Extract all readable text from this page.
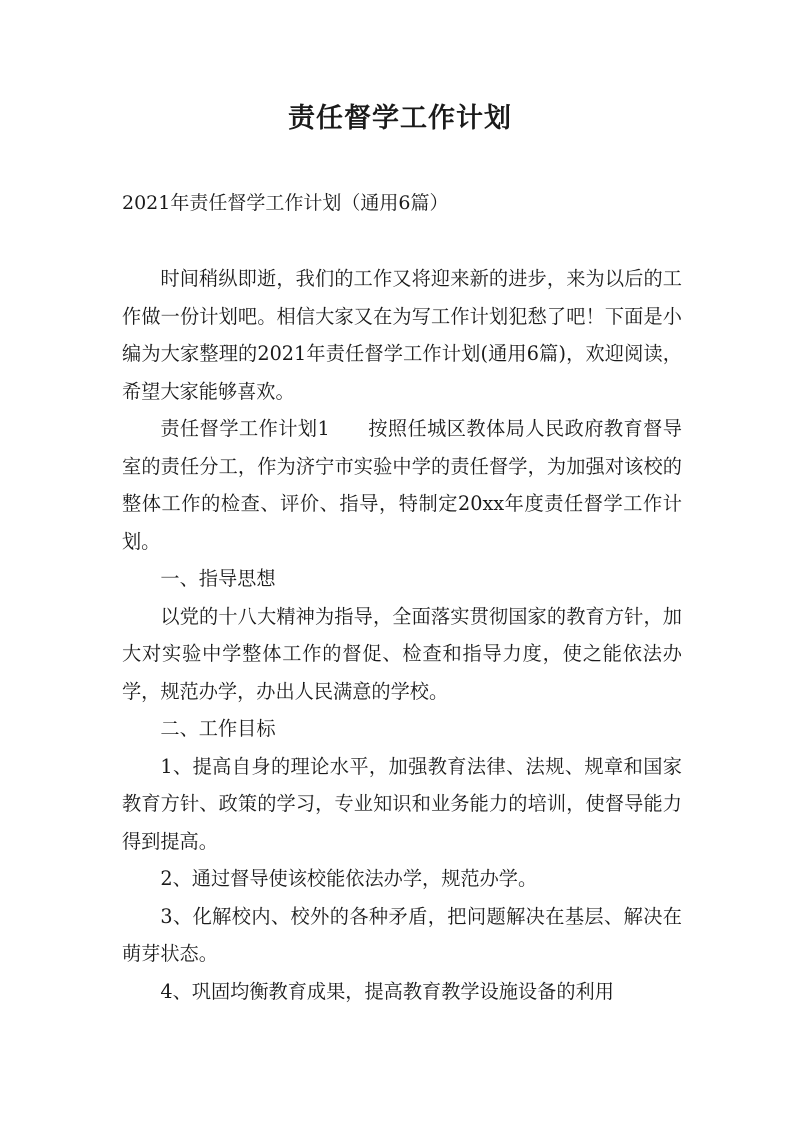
责任督学工作计划

2021年责任督学工作计划（通用6篇）

时间稍纵即逝，我们的工作又将迎来新的进步，来为以后的工作做一份计划吧。相信大家又在为写工作计划犯愁了吧！下面是小编为大家整理的2021年责任督学工作计划(通用6篇)，欢迎阅读，希望大家能够喜欢。

责任督学工作计划1 按照任城区教体局人民政府教育督导室的责任分工，作为济宁市实验中学的责任督学，为加强对该校的整体工作的检查、评价、指导，特制定20xx年度责任督学工作计划。

一、指导思想

以党的十八大精神为指导，全面落实贯彻国家的教育方针，加大对实验中学整体工作的督促、检查和指导力度，使之能依法办学，规范办学，办出人民满意的学校。

二、工作目标

1、提高自身的理论水平，加强教育法律、法规、规章和国家教育方针、政策的学习，专业知识和业务能力的培训，使督导能力得到提高。

2、通过督导使该校能依法办学，规范办学。

3、化解校内、校外的各种矛盾，把问题解决在基层、解决在萌芽状态。

4、巩固均衡教育成果，提高教育教学设施设备的利用
